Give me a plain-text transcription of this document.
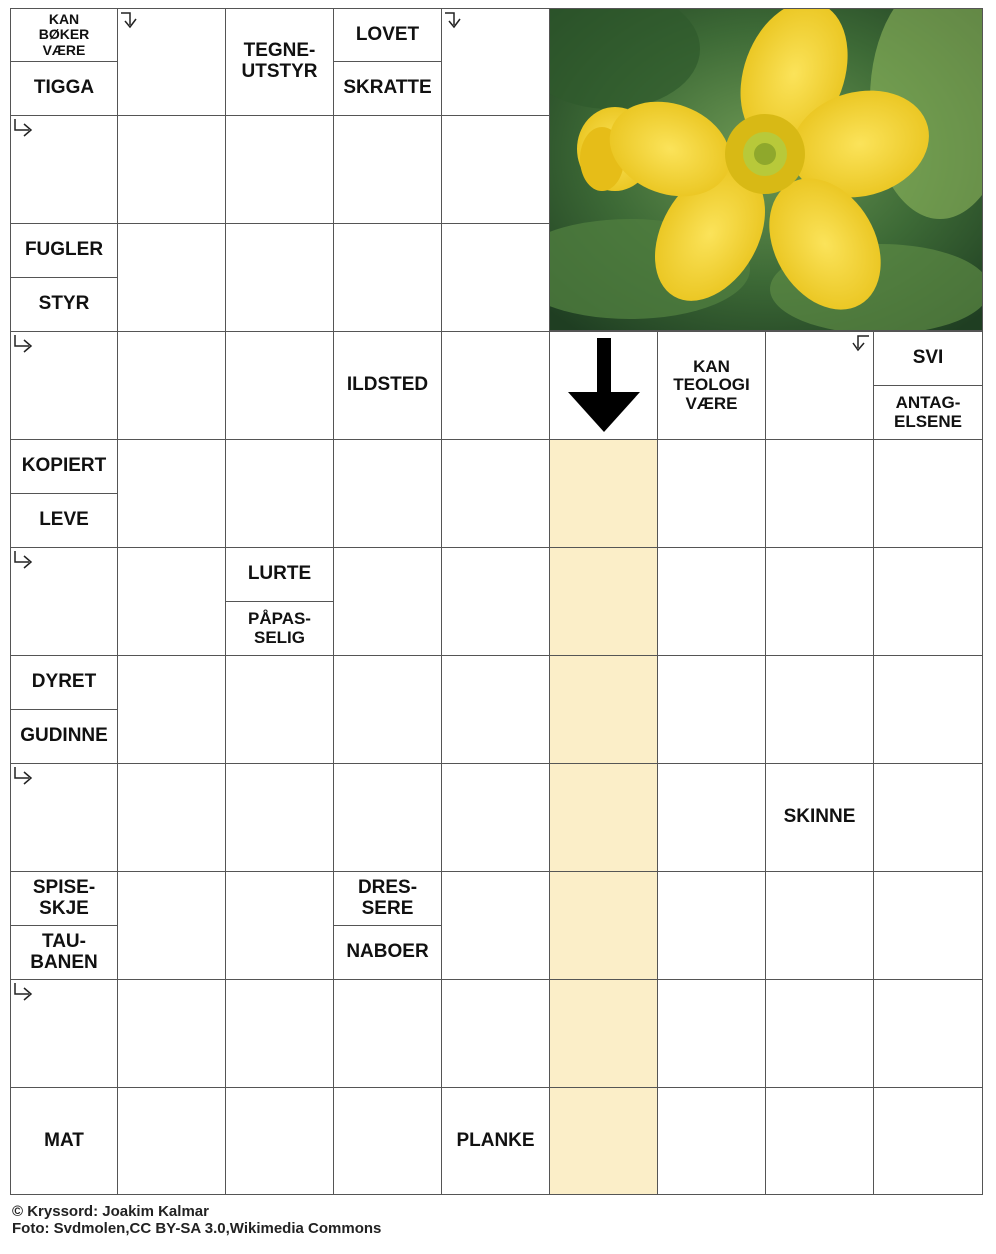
KAN
BØKER
VÆRE
TIGGA
TEGNE-
UTSTYR
LOVET
SKRATTE
FUGLER
STYR
ILDSTED
KAN
TEOLOGI
VÆRE
SVI
ANTAG-
ELSENE
KOPIERT
LEVE
LURTE
PÅPAS-
SELIG
DYRET
GUDINNE
SKINNE
SPISE-
SKJE
TAU-
BANEN
DRES-
SERE
NABOER
MAT	PLANKE
© Kryssord: Joakim Kalmar
Foto: Svdmolen,CC BY-SA 3.0,Wikimedia Commons
